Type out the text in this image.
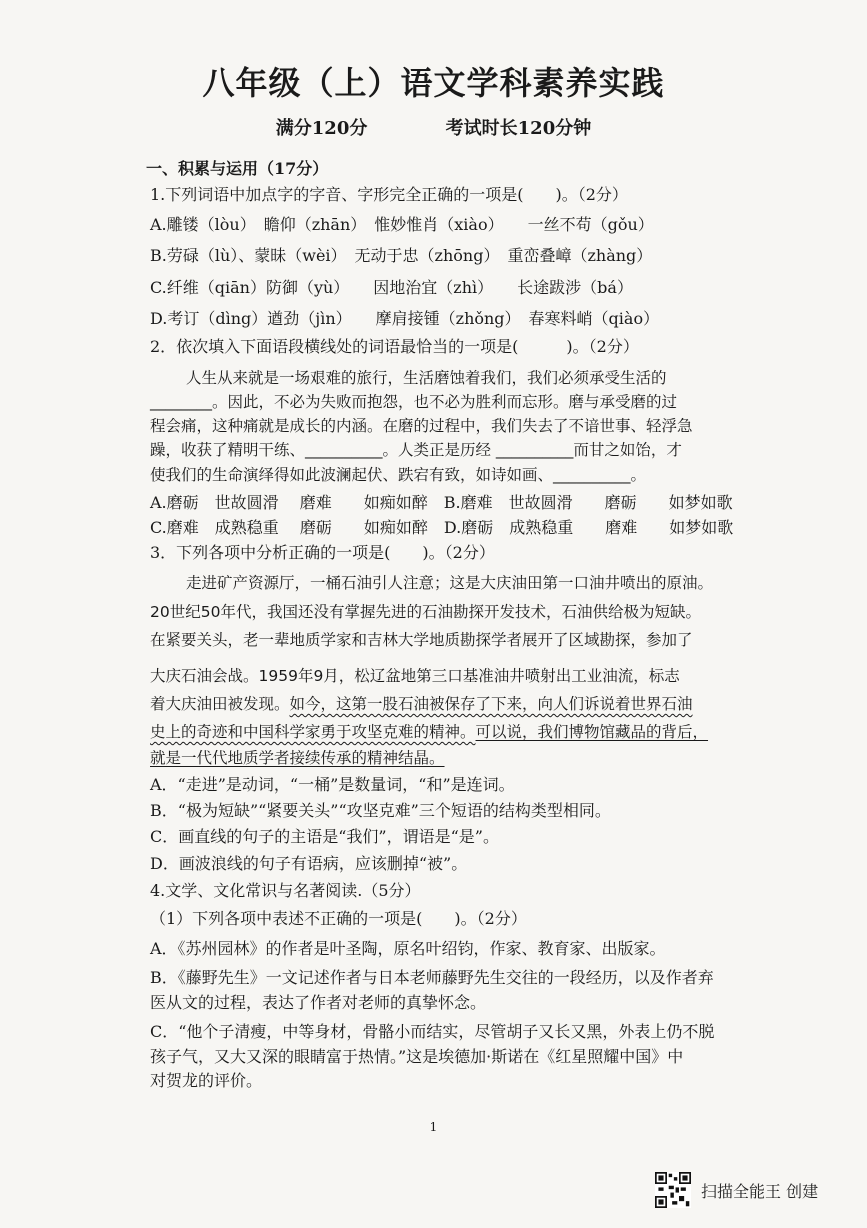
八年级（上）语文学科素养实践
满分120分	考试时长120分钟
一、积累与运用（17分）
1.下列词语中加点字的字音、字形完全正确的一项是(　　)。（2分）
A.雕镂（lòu）　瞻仰（zhān）　惟妙惟肖（xiào）　　一丝不苟（gǒu）
B.劳碌（lù）、蒙昧（wèi）　无动于忠（zhōng）　重峦叠嶂（zhàng）
C.纤维（qiān）防御（yù）　　因地治宜（zhì）　　长途跋涉（bá）
D.考订（dìng）遒劲（jìn）　　摩肩接锺（zhǒng）　春寒料峭（qiào）
2．依次填入下面语段横线处的词语最恰当的一项是(　　　)。（2分）
人生从来就是一场艰难的旅行，生活磨蚀着我们，我们必须承受生活的
________。因此，不必为失败而抱怨，也不必为胜利而忘形。磨与承受磨的过
程会痛，这种痛就是成长的内涵。在磨的过程中，我们失去了不谙世事、轻浮急
躁，收获了精明干练、__________。人类正是历经 __________而甘之如饴，才
使我们的生命演绎得如此波澜起伏、跌宕有致，如诗如画、__________。
A.磨砺　世故圆滑　 磨难　　如痴如醉　B.磨难　世故圆滑　　磨砺　　如梦如歌
C.磨难　成熟稳重　 磨砺　　如痴如醉　D.磨砺　成熟稳重　　磨难　　如梦如歌
3．下列各项中分析正确的一项是(　　)。（2分）
走进矿产资源厅，一桶石油引人注意；这是大庆油田第一口油井喷出的原油。
20世纪50年代，我国还没有掌握先进的石油勘探开发技术，石油供给极为短缺。
在紧要关头，老一辈地质学家和吉林大学地质勘探学者展开了区域勘探，参加了
大庆石油会战。1959年9月，松辽盆地第三口基准油井喷射出工业油流，标志
着大庆油田被发现。如今，这第一股石油被保存了下来，向人们诉说着世界石油
史上的奇迹和中国科学家勇于攻坚克难的精神。可以说，我们博物馆藏品的背后，
就是一代代地质学者接续传承的精神结晶。
A．“走进”是动词，“一桶”是数量词，“和”是连词。
B．“极为短缺”“紧要关头”“攻坚克难”三个短语的结构类型相同。
C．画直线的句子的主语是“我们”，谓语是“是”。
D．画波浪线的句子有语病，应该删掉“被”。
4.文学、文化常识与名著阅读.（5分）
（1）下列各项中表述不正确的一项是(　　)。（2分）
A．《苏州园林》的作者是叶圣陶，原名叶绍钧，作家、教育家、出版家。
B．《藤野先生》一文记述作者与日本老师藤野先生交往的一段经历，以及作者弃
医从文的过程，表达了作者对老师的真挚怀念。
C．“他个子清瘦，中等身材，骨骼小而结实，尽管胡子又长又黑，外表上仍不脱
孩子气，又大又深的眼睛富于热情。”这是埃德加·斯诺在《红星照耀中国》中
对贺龙的评价。
1
扫描全能王 创建
